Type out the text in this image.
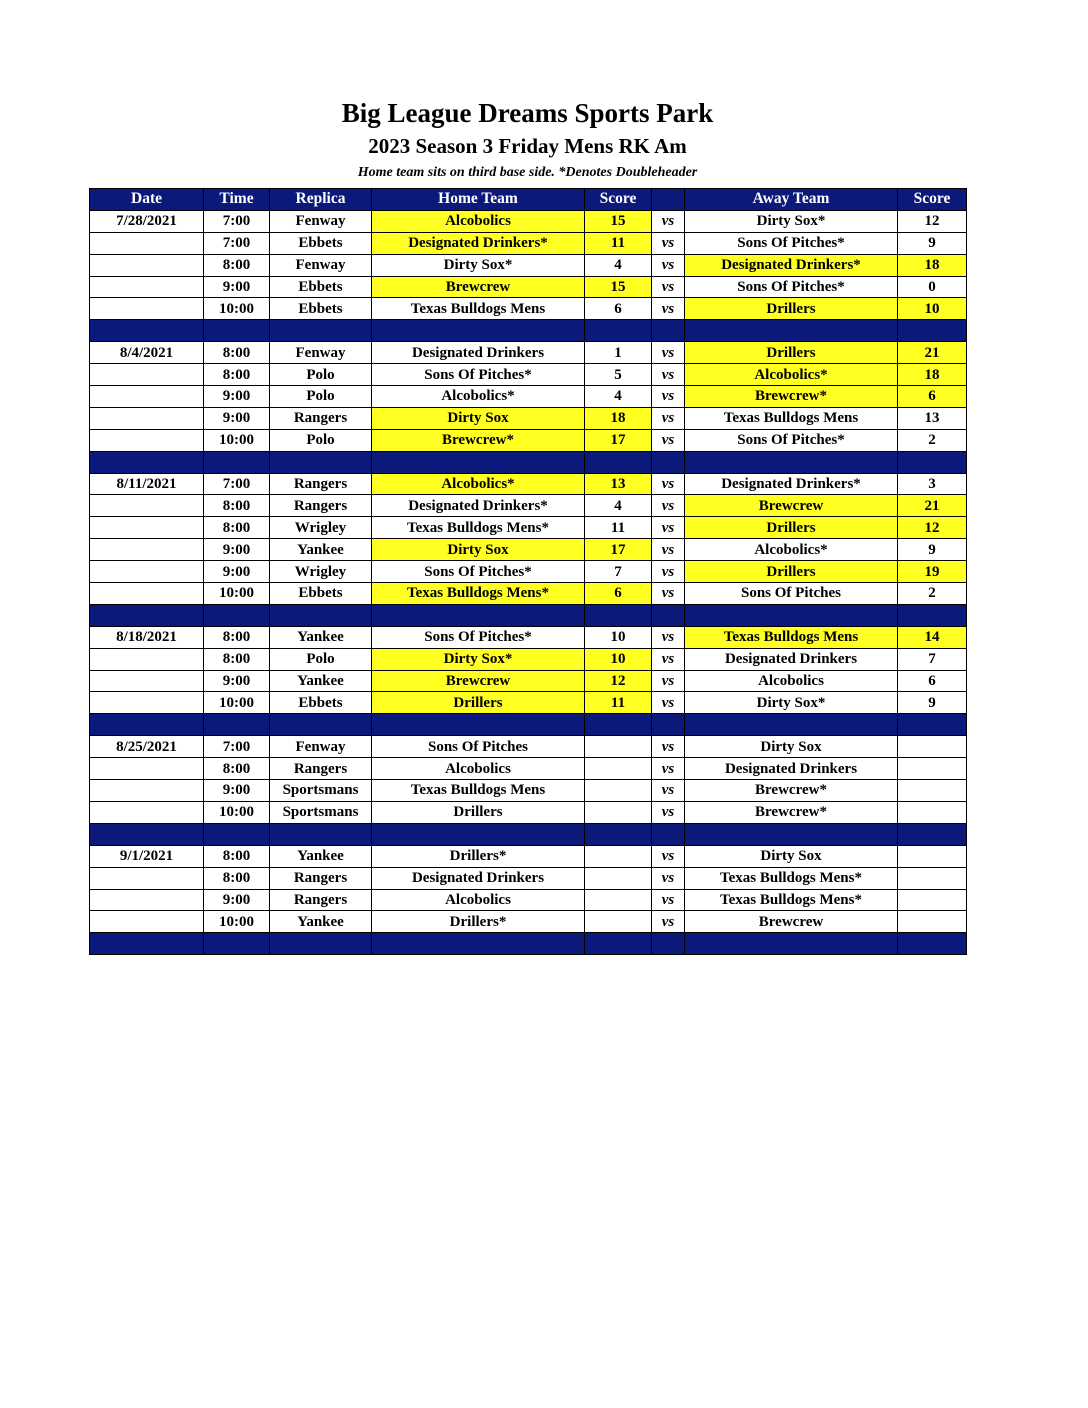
Big League Dreams Sports Park
2023 Season 3 Friday Mens RK Am
Home team sits on third base side. *Denotes Doubleheader
Date	Time	Replica	Home Team	Score		Away Team	Score
7/28/2021	7:00	Fenway	Alcobolics	15	vs	Dirty Sox*	12
	7:00	Ebbets	Designated Drinkers*	11	vs	Sons Of Pitches*	9
	8:00	Fenway	Dirty Sox*	4	vs	Designated Drinkers*	18
	9:00	Ebbets	Brewcrew	15	vs	Sons Of Pitches*	0
	10:00	Ebbets	Texas Bulldogs Mens	6	vs	Drillers	10

8/4/2021	8:00	Fenway	Designated Drinkers	1	vs	Drillers	21
	8:00	Polo	Sons Of Pitches*	5	vs	Alcobolics*	18
	9:00	Polo	Alcobolics*	4	vs	Brewcrew*	6
	9:00	Rangers	Dirty Sox	18	vs	Texas Bulldogs Mens	13
	10:00	Polo	Brewcrew*	17	vs	Sons Of Pitches*	2

8/11/2021	7:00	Rangers	Alcobolics*	13	vs	Designated Drinkers*	3
	8:00	Rangers	Designated Drinkers*	4	vs	Brewcrew	21
	8:00	Wrigley	Texas Bulldogs Mens*	11	vs	Drillers	12
	9:00	Yankee	Dirty Sox	17	vs	Alcobolics*	9
	9:00	Wrigley	Sons Of Pitches*	7	vs	Drillers	19
	10:00	Ebbets	Texas Bulldogs Mens*	6	vs	Sons Of Pitches	2

8/18/2021	8:00	Yankee	Sons Of Pitches*	10	vs	Texas Bulldogs Mens	14
	8:00	Polo	Dirty Sox*	10	vs	Designated Drinkers	7
	9:00	Yankee	Brewcrew	12	vs	Alcobolics	6
	10:00	Ebbets	Drillers	11	vs	Dirty Sox*	9

8/25/2021	7:00	Fenway	Sons Of Pitches		vs	Dirty Sox	
	8:00	Rangers	Alcobolics		vs	Designated Drinkers	
	9:00	Sportsmans	Texas Bulldogs Mens		vs	Brewcrew*	
	10:00	Sportsmans	Drillers		vs	Brewcrew*	

9/1/2021	8:00	Yankee	Drillers*		vs	Dirty Sox	
	8:00	Rangers	Designated Drinkers		vs	Texas Bulldogs Mens*	
	9:00	Rangers	Alcobolics		vs	Texas Bulldogs Mens*	
	10:00	Yankee	Drillers*		vs	Brewcrew	
